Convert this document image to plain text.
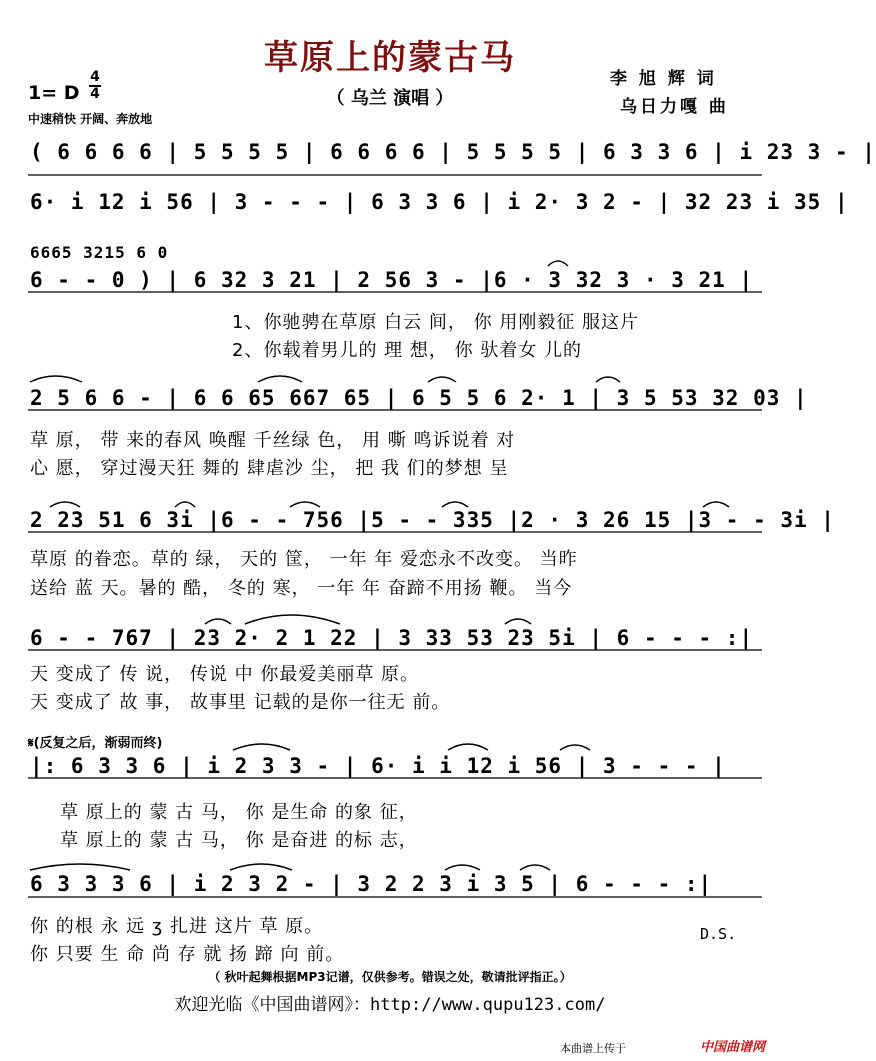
草原上的蒙古马
（ 乌兰 演唱 ）
李 旭 辉 词
乌日力嘎 曲
1= D
4
4
中速稍快 开阔、奔放地
( 6 6 6 6 | 5 5 5 5 | 6 6 6 6 | 5 5 5 5 | 6 3 3 6 | i 23 3 - |
6· i 12 i 56 | 3 - - - | 6 3 3 6 | i 2· 3 2 - | 32 23 i 35 |
6665 3215 6 0
6 - - 0 ) | 6 32 3 21 | 2 56 3 - |6 · 3 32 3 · 3 21 |
1、你驰骋在草原 白云 间， 你 用刚毅征 服这片
2、你载着男儿的 理 想， 你 驮着女 儿的
2 5 6 6 - | 6 6 65 667 65 | 6 5 5 6 2· 1 | 3 5 53 32 03 |
草 原， 带 来的春风 唤醒 千丝绿 色， 用 嘶 鸣诉说着 对
心 愿， 穿过漫天狂 舞的 肆虐沙 尘， 把 我 们的梦想 呈
2 23 51 6 3i |6 - - 756 |5 - - 335 |2 · 3 26 15 |3 - - 3i |
草原 的眷恋。草的 绿， 天的 筐， 一年 年 爱恋永不改变。 当昨
送给 蓝 天。暑的 酷， 冬的 寒， 一年 年 奋蹄不用扬 鞭。 当今
6 - - 767 | 23 2· 2 1 22 | 3 33 53 23 5i | 6 - - - :|
天 变成了 传 说， 传说 中 你最爱美丽草 原。
天 变成了 故 事， 故事里 记载的是你一往无 前。
𝄋(反复之后，渐弱而终)
|: 6 3 3 6 | i 2 3 3 - | 6· i i 12 i 56 | 3 - - - |
草 原上的 蒙 古 马， 你 是生命 的象 征，
草 原上的 蒙 古 马， 你 是奋进 的标 志，
6 3 3 3 6 | i 2 3 2 - | 3 2 2 3 i 3 5 | 6 - - - :|
你 的根 永 远 ʒ 扎进 这片 草 原。
你 只要 生 命 尚 存 就 扬 蹄 向 前。
D.S.
（ 秋叶起舞根据MP3记谱，仅供参考。错误之处，敬请批评指正。）
欢迎光临《中国曲谱网》：http://www.qupu123.com/
本曲谱上传于	中国曲谱网
